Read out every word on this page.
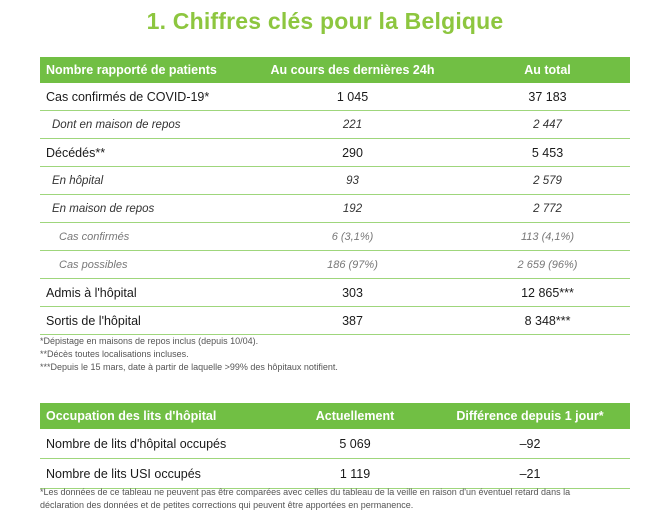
1. Chiffres clés pour la Belgique
Nombre rapporté de patients	Au cours des dernières 24h	Au total
Cas confirmés de COVID-19*	1 045	37 183
Dont en maison de repos	221	2 447
Décédés**	290	5 453
En hôpital	93	2 579
En maison de repos	192	2 772
Cas confirmés	6 (3,1%)	113 (4,1%)
Cas possibles	186 (97%)	2 659 (96%)
Admis à l'hôpital	303	12 865***
Sortis de l'hôpital	387	8 348***
*Dépistage en maisons de repos inclus (depuis 10/04).
**Décès toutes localisations incluses.
***Depuis le 15 mars, date à partir de laquelle >99% des hôpitaux notifient.
Occupation des lits d'hôpital	Actuellement	Différence depuis 1 jour*
Nombre de lits d'hôpital occupés	5 069	–92
Nombre de lits USI occupés	1 119	–21
*Les données de ce tableau ne peuvent pas être comparées avec celles du tableau de la veille en raison d'un éventuel retard dans la
déclaration des données et de petites corrections qui peuvent être apportées en permanence.
